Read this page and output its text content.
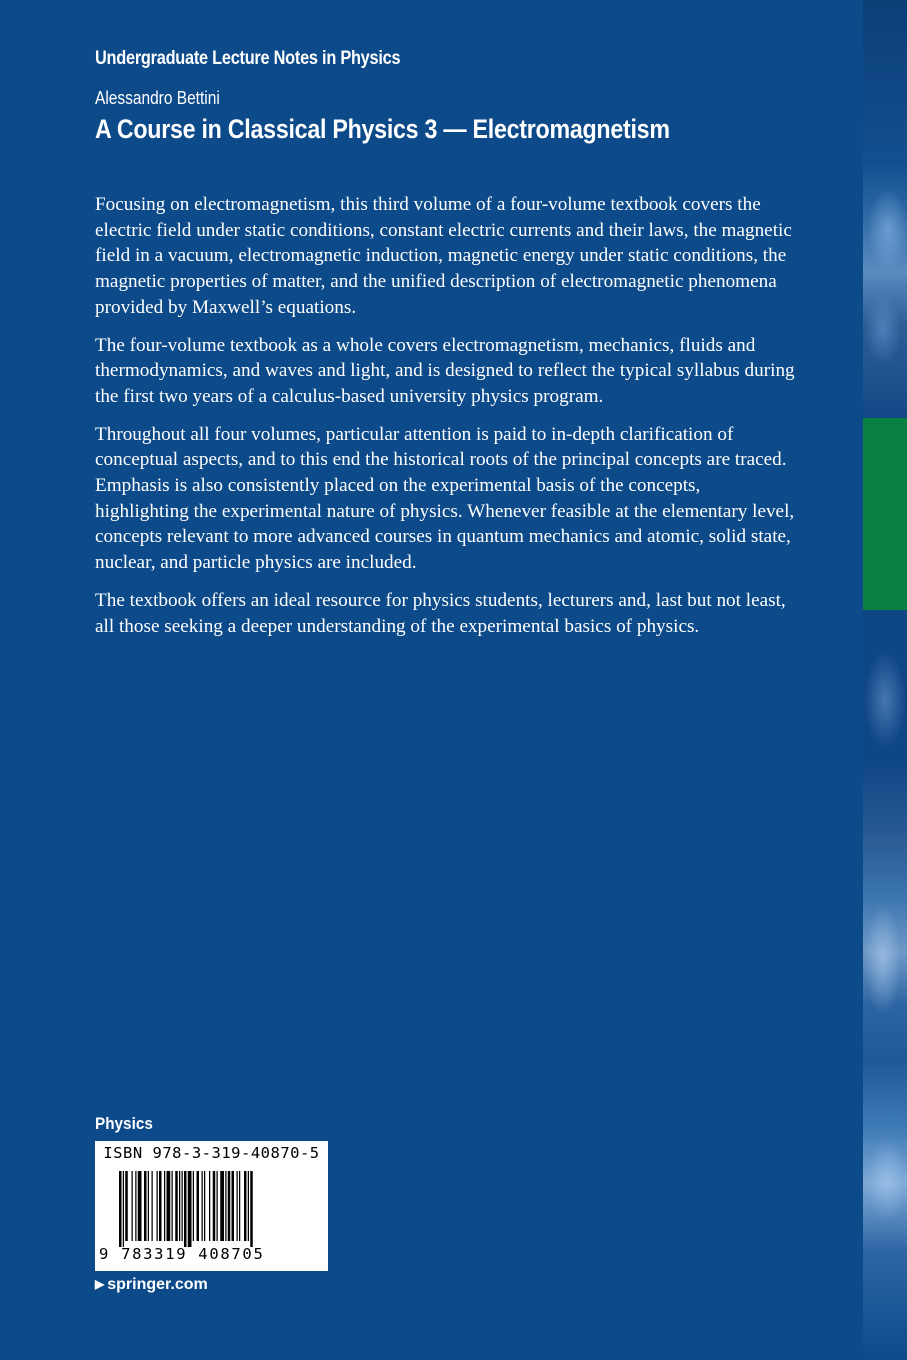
Undergraduate Lecture Notes in Physics
Alessandro Bettini
A Course in Classical Physics 3 — Electromagnetism

Focusing on electromagnetism, this third volume of a four-volume textbook covers the electric field under static conditions, constant electric currents and their laws, the magnetic field in a vacuum, electromagnetic induction, magnetic energy under static conditions, the magnetic properties of matter, and the unified description of electromagnetic phenomena provided by Maxwell’s equations.

The four-volume textbook as a whole covers electromagnetism, mechanics, fluids and thermodynamics, and waves and light, and is designed to reflect the typical syllabus during the first two years of a calculus-based university physics program.

Throughout all four volumes, particular attention is paid to in-depth clarification of conceptual aspects, and to this end the historical roots of the principal concepts are traced. Emphasis is also consistently placed on the experimental basis of the concepts, highlighting the experimental nature of physics. Whenever feasible at the elementary level, concepts relevant to more advanced courses in quantum mechanics and atomic, solid state, nuclear, and particle physics are included.

The textbook offers an ideal resource for physics students, lecturers and, last but not least, all those seeking a deeper understanding of the experimental basics of physics.

Physics
ISBN 978-3-319-40870-5
9 783319 408705
▶ springer.com
